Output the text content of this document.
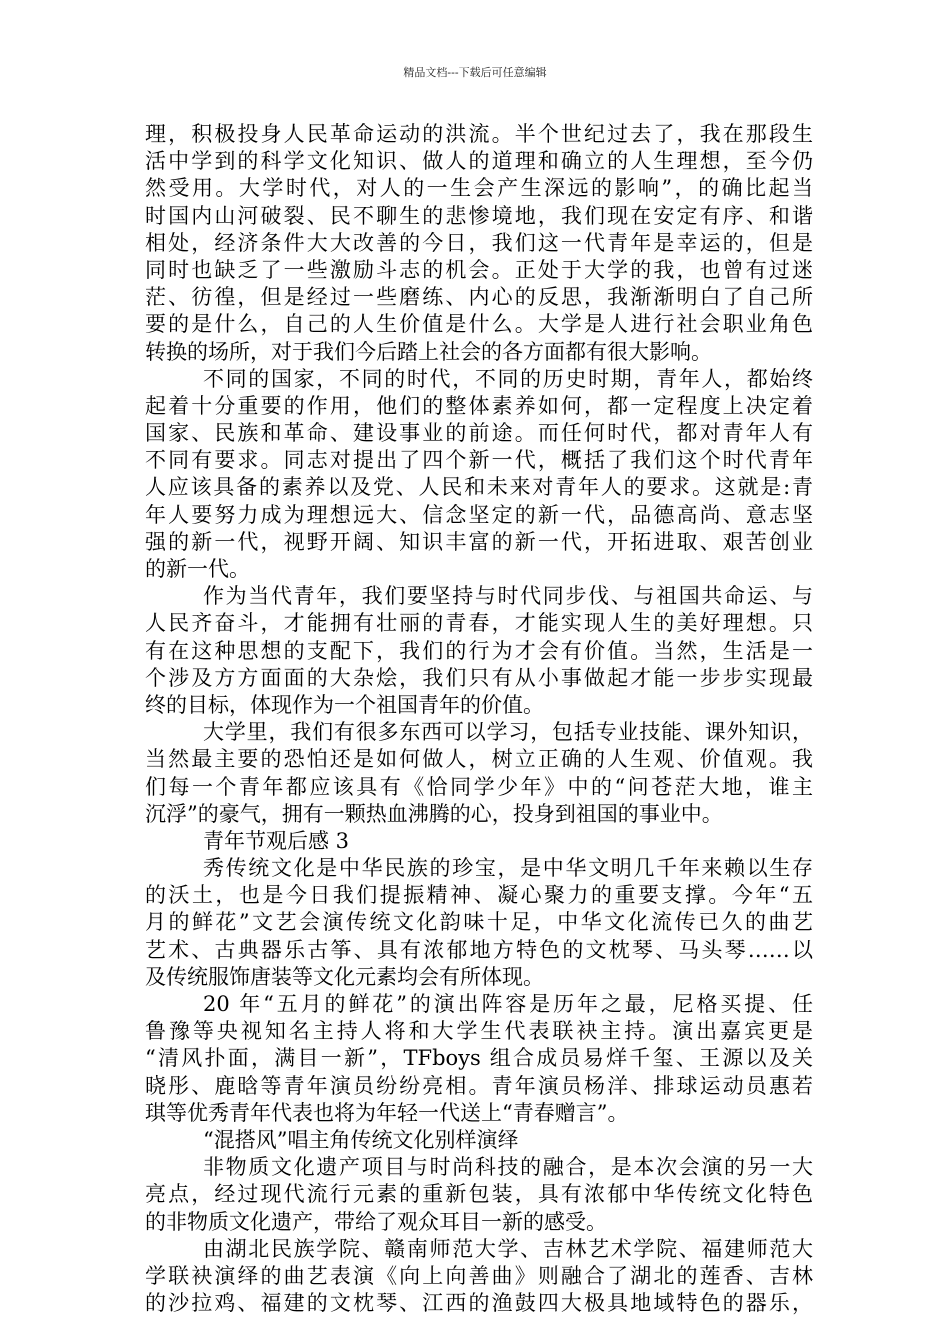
精品文档---下载后可任意编辑
理，积极投身人民革命运动的洪流。半个世纪过去了，我在那段生
活中学到的科学文化知识、做人的道理和确立的人生理想，至今仍
然受用。大学时代，对人的一生会产生深远的影响”，的确比起当
时国内山河破裂、民不聊生的悲惨境地，我们现在安定有序、和谐
相处，经济条件大大改善的今日，我们这一代青年是幸运的，但是
同时也缺乏了一些激励斗志的机会。正处于大学的我，也曾有过迷
茫、彷徨，但是经过一些磨练、内心的反思，我渐渐明白了自己所
要的是什么，自己的人生价值是什么。大学是人进行社会职业角色
转换的场所，对于我们今后踏上社会的各方面都有很大影响。
不同的国家，不同的时代，不同的历史时期，青年人，都始终
起着十分重要的作用，他们的整体素养如何，都一定程度上决定着
国家、民族和革命、建设事业的前途。而任何时代，都对青年人有
不同有要求。同志对提出了四个新一代，概括了我们这个时代青年
人应该具备的素养以及党、人民和未来对青年人的要求。这就是:青
年人要努力成为理想远大、信念坚定的新一代，品德高尚、意志坚
强的新一代，视野开阔、知识丰富的新一代，开拓进取、艰苦创业
的新一代。
作为当代青年，我们要坚持与时代同步伐、与祖国共命运、与
人民齐奋斗，才能拥有壮丽的青春，才能实现人生的美好理想。只
有在这种思想的支配下，我们的行为才会有价值。当然，生活是一
个涉及方方面面的大杂烩，我们只有从小事做起才能一步步实现最
终的目标，体现作为一个祖国青年的价值。
大学里，我们有很多东西可以学习，包括专业技能、课外知识，
当然最主要的恐怕还是如何做人，树立正确的人生观、价值观。我
们每一个青年都应该具有《恰同学少年》中的“问苍茫大地，谁主
沉浮”的豪气，拥有一颗热血沸腾的心，投身到祖国的事业中。
青年节观后感 3
秀传统文化是中华民族的珍宝，是中华文明几千年来赖以生存
的沃土，也是今日我们提振精神、凝心聚力的重要支撑。今年“五
月的鲜花”文艺会演传统文化韵味十足，中华文化流传已久的曲艺
艺术、古典器乐古筝、具有浓郁地方特色的文枕琴、马头琴……以
及传统服饰唐装等文化元素均会有所体现。
20 年“五月的鲜花”的演出阵容是历年之最，尼格买提、任
鲁豫等央视知名主持人将和大学生代表联袂主持。演出嘉宾更是
“清风扑面，满目一新”，TFboys 组合成员易烊千玺、王源以及关
晓彤、鹿晗等青年演员纷纷亮相。青年演员杨洋、排球运动员惠若
琪等优秀青年代表也将为年轻一代送上“青春赠言”。
“混搭风”唱主角传统文化别样演绎
非物质文化遗产项目与时尚科技的融合，是本次会演的另一大
亮点，经过现代流行元素的重新包装，具有浓郁中华传统文化特色
的非物质文化遗产，带给了观众耳目一新的感受。
由湖北民族学院、赣南师范大学、吉林艺术学院、福建师范大
学联袂演绎的曲艺表演《向上向善曲》则融合了湖北的莲香、吉林
的沙拉鸡、福建的文枕琴、江西的渔鼓四大极具地域特色的器乐，
